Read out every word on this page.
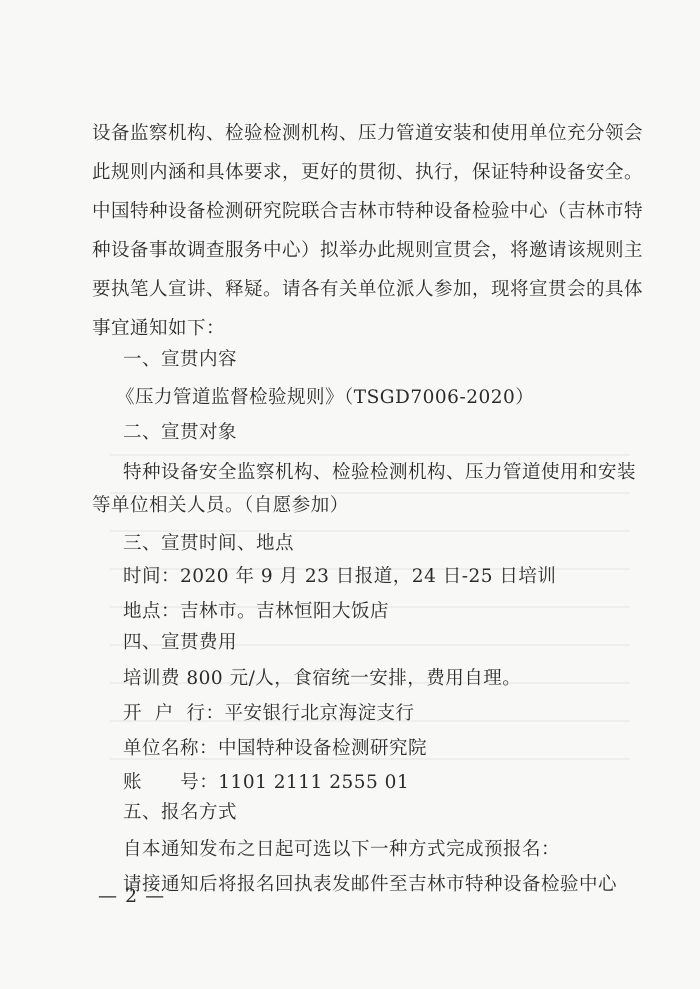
设备监察机构、检验检测机构、压力管道安装和使用单位充分领会
此规则内涵和具体要求，更好的贯彻、执行，保证特种设备安全。
中国特种设备检测研究院联合吉林市特种设备检验中心（吉林市特
种设备事故调查服务中心）拟举办此规则宣贯会，将邀请该规则主
要执笔人宣讲、释疑。请各有关单位派人参加，现将宣贯会的具体
事宜通知如下：
一、宣贯内容
《压力管道监督检验规则》（TSGD7006-2020）
二、宣贯对象
特种设备安全监察机构、检验检测机构、压力管道使用和安装
等单位相关人员。（自愿参加）
三、宣贯时间、地点
时间：2020 年 9 月 23 日报道，24 日-25 日培训
地点：吉林市。吉林恒阳大饭店
四、宣贯费用
培训费 800 元/人，食宿统一安排，费用自理。
开  户  行：平安银行北京海淀支行
单位名称：中国特种设备检测研究院
账      号：1101 2111 2555 01
五、报名方式
自本通知发布之日起可选以下一种方式完成预报名：
请接通知后将报名回执表发邮件至吉林市特种设备检验中心
— 2 —
